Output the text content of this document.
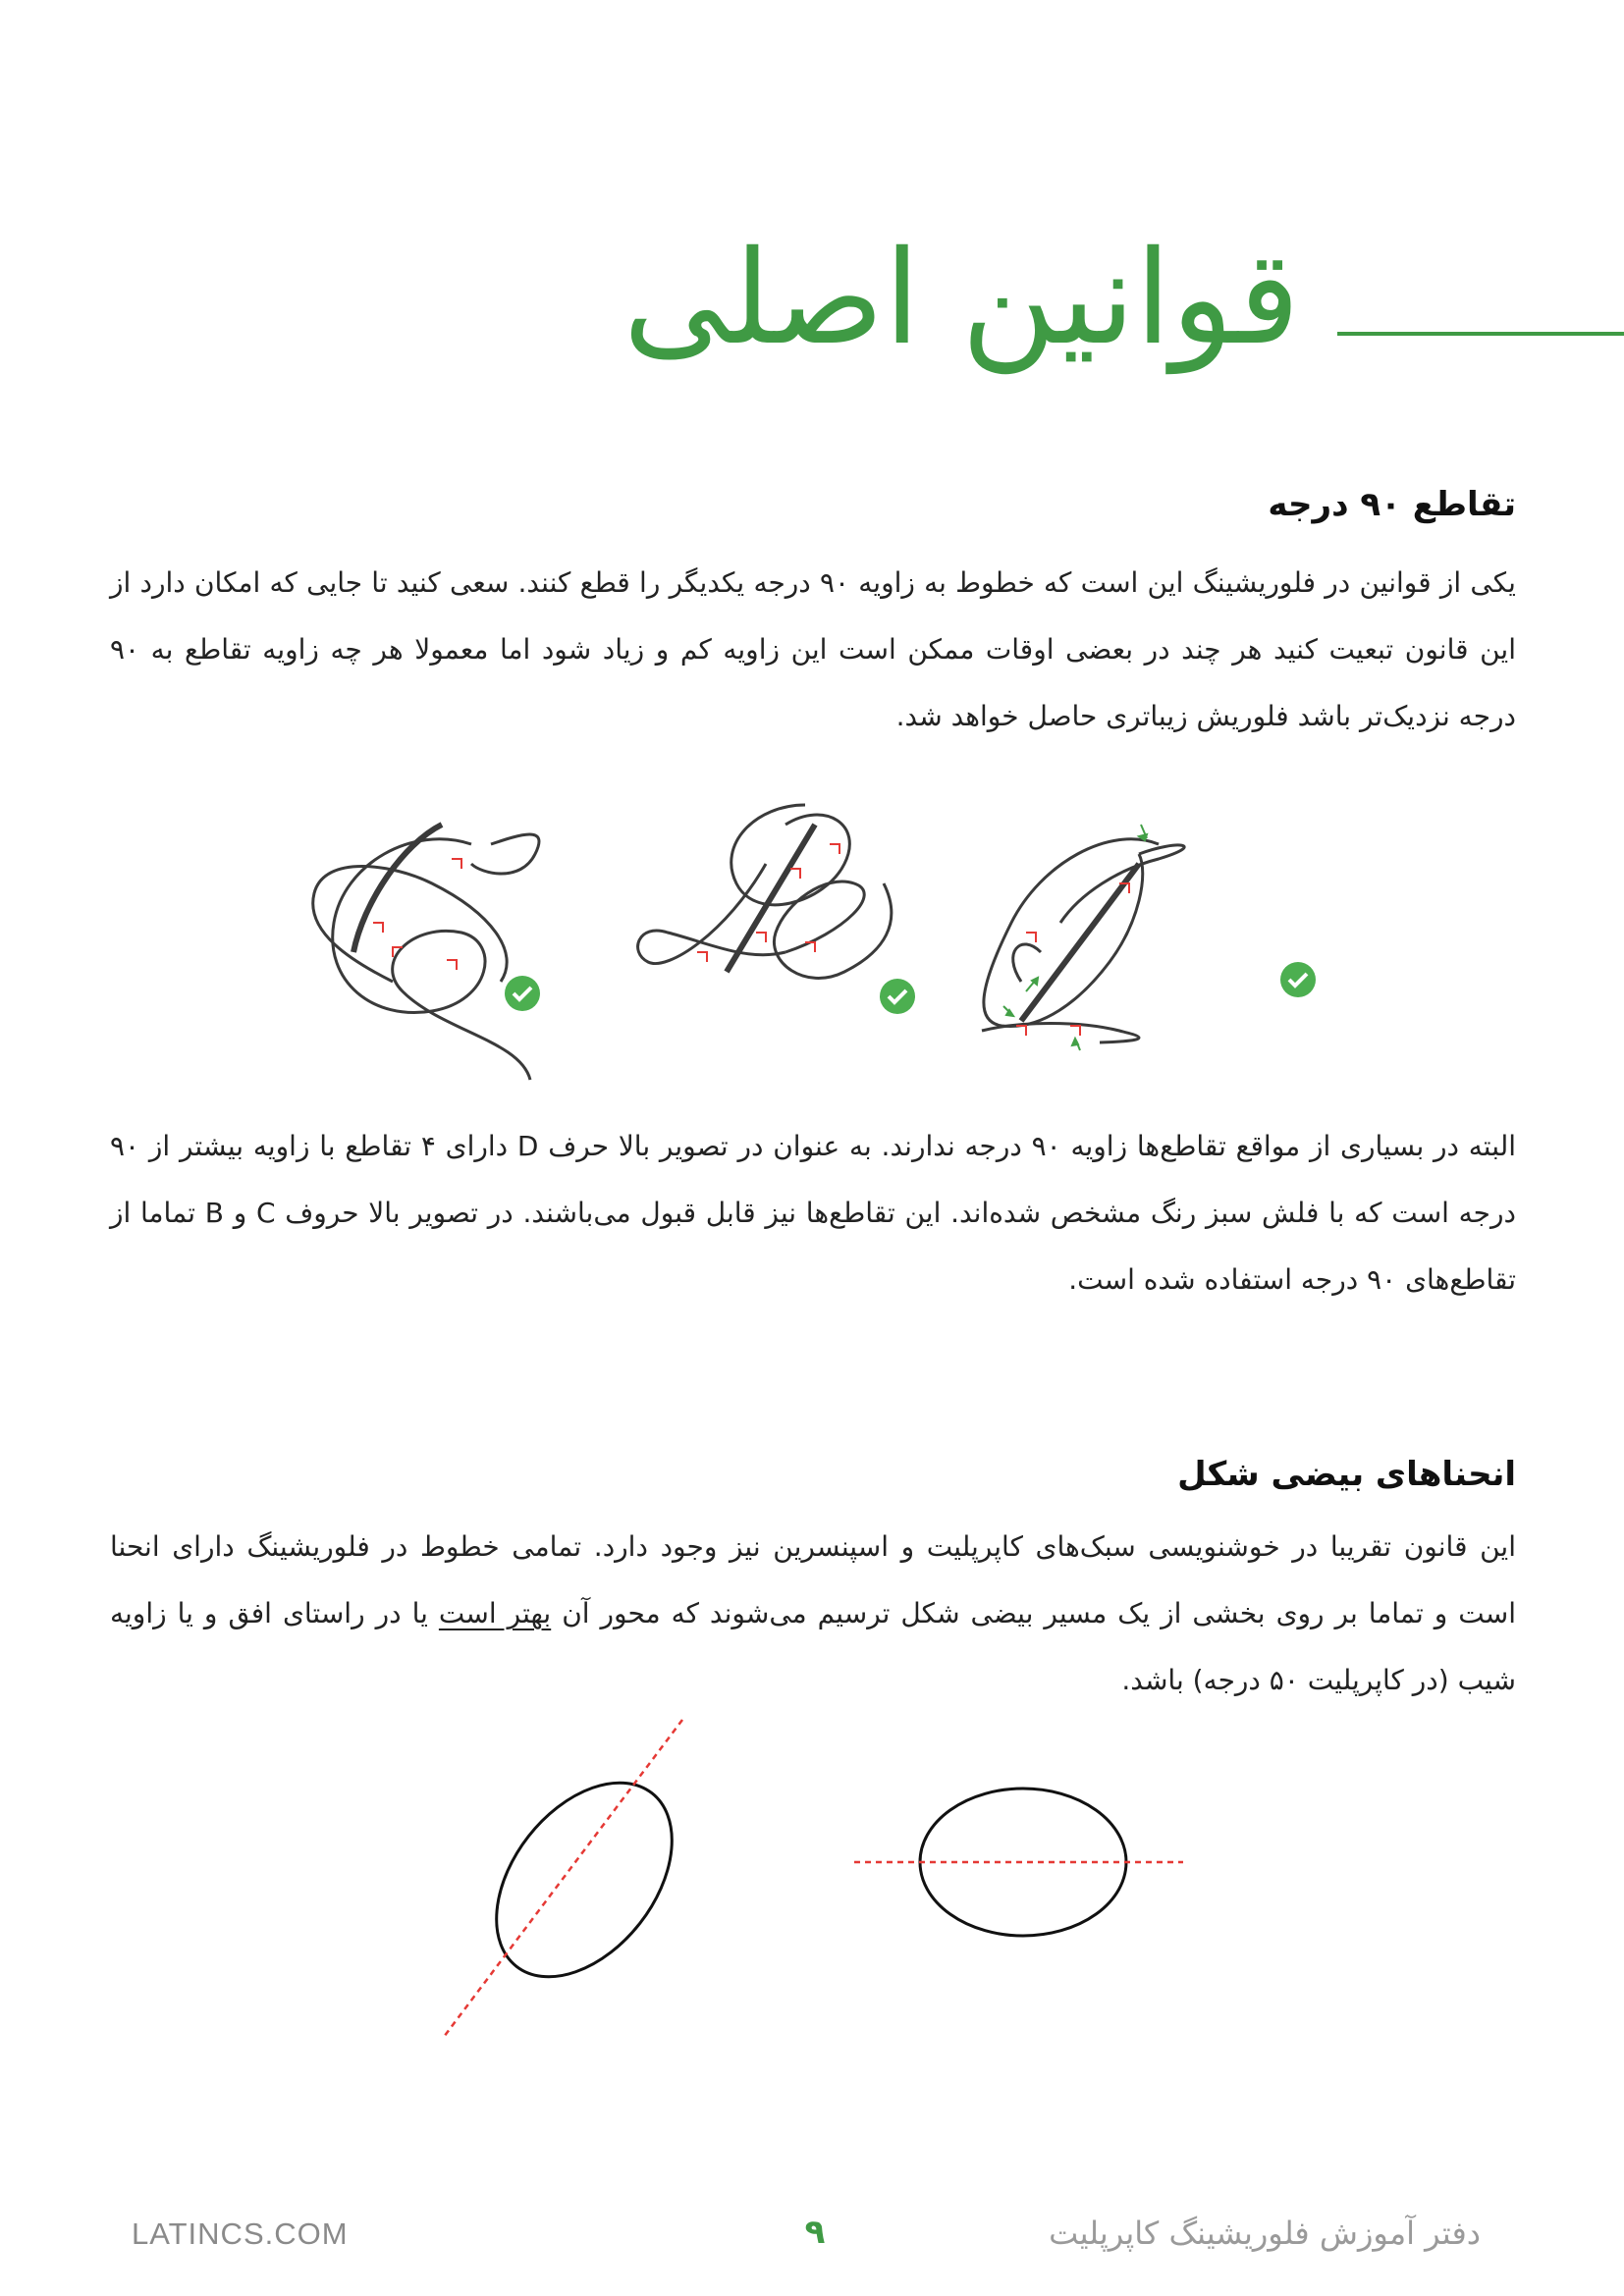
قوانین اصلی
تقاطع ۹۰ درجه

یکی از قوانین در فلوریشینگ این است که خطوط به زاویه ۹۰ درجه یکدیگر را قطع کنند. سعی کنید تا جایی که امکان دارد از این قانون تبعیت کنید هر چند در بعضی اوقات ممکن است این زاویه کم و زیاد شود اما معمولا هر چه زاویه تقاطع به ۹۰ درجه نزدیک‌تر باشد فلوریش زیباتری حاصل خواهد شد.

البته در بسیاری از مواقع تقاطع‌ها زاویه ۹۰ درجه ندارند. به عنوان در تصویر بالا حرف D دارای ۴ تقاطع با زاویه بیشتر از ۹۰ درجه است که با فلش سبز رنگ مشخص شده‌اند. این تقاطع‌ها نیز قابل قبول می‌باشند. در تصویر بالا حروف C و B تماما از تقاطع‌های ۹۰ درجه استفاده شده است.

انحناهای بیضی شکل

این قانون تقریبا در خوشنویسی سبک‌های کاپرپلیت و اسپنسرین نیز وجود دارد. تمامی خطوط در فلوریشینگ دارای انحنا است و تماما بر روی بخشی از یک مسیر بیضی شکل ترسیم می‌شوند که محور آن بهتر است یا در راستای افق و یا زاویه شیب (در کاپرپلیت ۵۰ درجه) باشد.

LATINCS.COM	۹	دفتر آموزش فلوریشینگ کاپرپلیت
